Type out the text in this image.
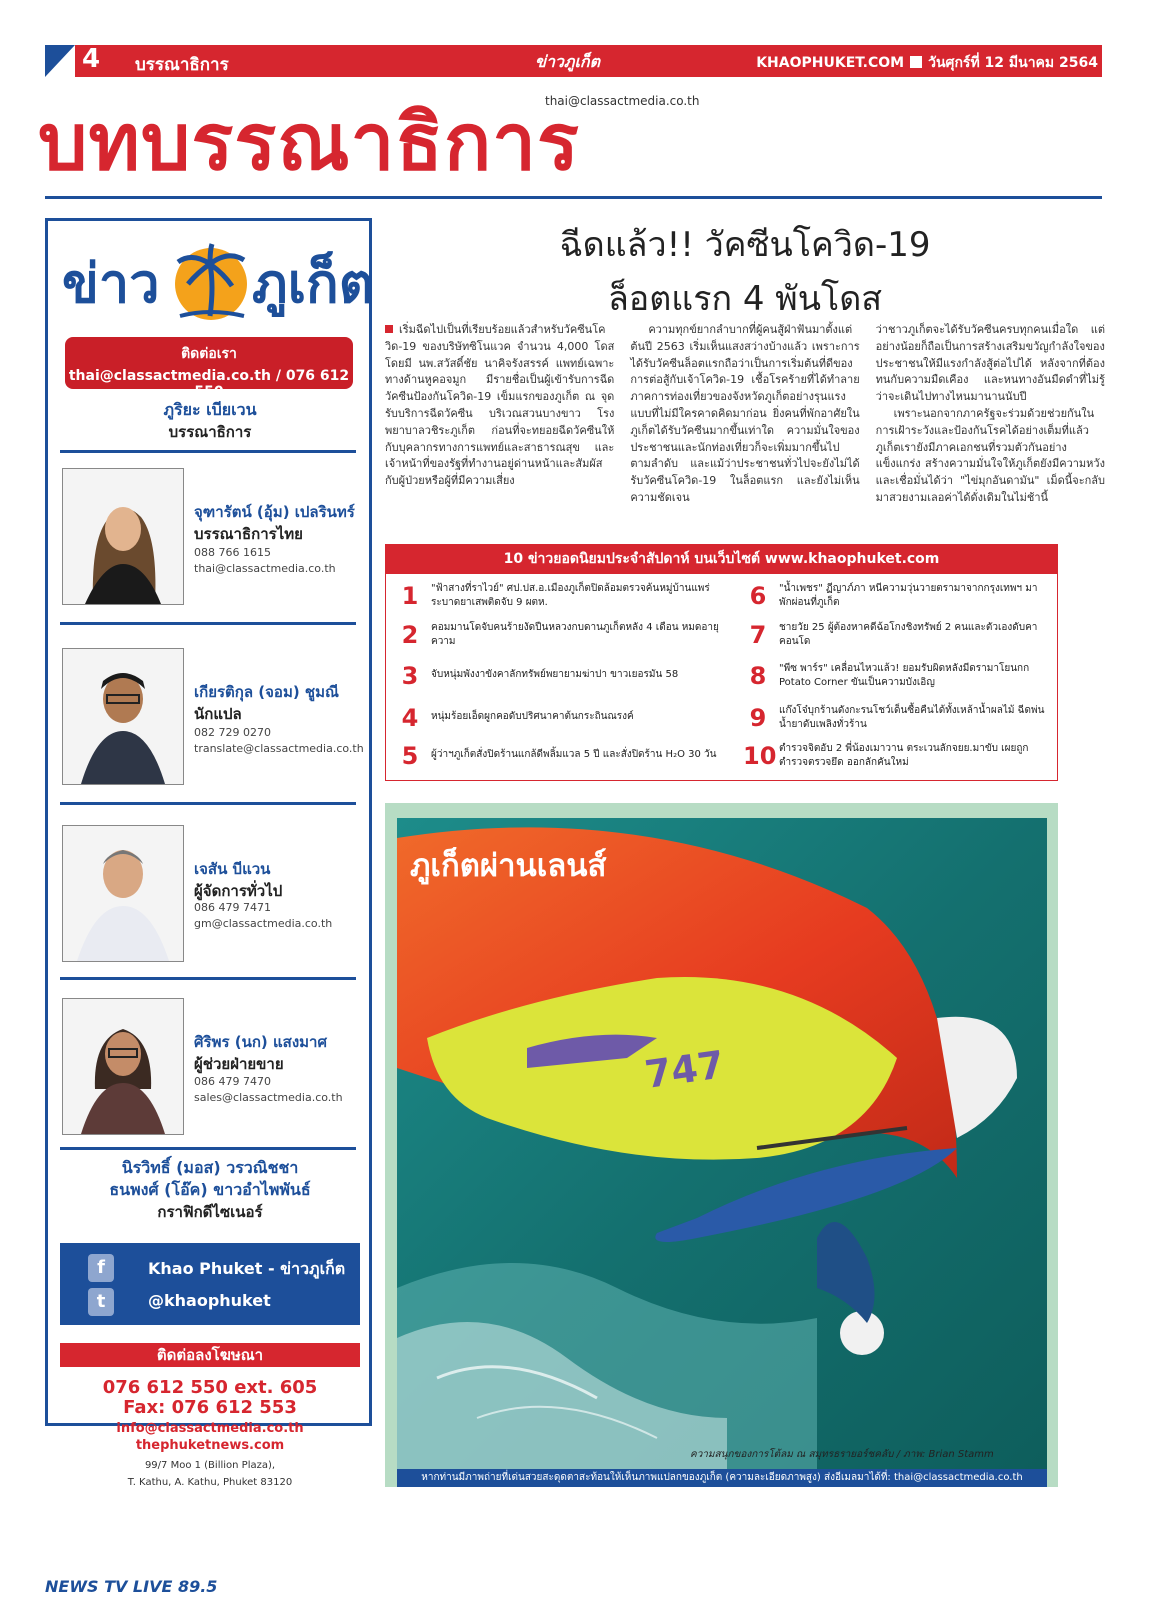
4 บรรณาธิการ	ข่าวภูเก็ต	KHAOPHUKET.COM วันศุกร์ที่ 12 มีนาคม 2564
thai@classactmedia.co.th
บทบรรณาธิการ
ข่าว ภูเก็ต
ติดต่อเรา
thai@classactmedia.co.th / 076 612 550
ภูริยะ เบียเวน
บรรณาธิการ
จุฑารัตน์ (อุ้ม) เปลรินทร์
บรรณาธิการไทย
088 766 1615
thai@classactmedia.co.th
เกียรติกุล (จอม) ชูมณี
นักแปล
082 729 0270
translate@classactmedia.co.th
เจสัน บีแวน
ผู้จัดการทั่วไป
086 479 7471
gm@classactmedia.co.th
ศิริพร (นก) แสงมาศ
ผู้ช่วยฝ่ายขาย
086 479 7470
sales@classactmedia.co.th
นิรวิทธิ์ (มอส) วรวณิชชา
ธนพงศ์ (โอ๊ค) ขาวอำไพพันธ์
กราฟิกดีไซเนอร์
f	Khao Phuket - ข่าวภูเก็ต
t	@khaophuket
ติดต่อลงโฆษณา
076 612 550 ext. 605
Fax: 076 612 553
info@classactmedia.co.th
thephuketnews.com
99/7 Moo 1 (Billion Plaza),
T. Kathu, A. Kathu, Phuket 83120
NEWS TV LIVE 89.5
ฉีดแล้ว!! วัคซีนโควิด-19
ล็อตแรก 4 พันโดส

เริ่มฉีดไปเป็นที่เรียบร้อยแล้วสำหรับวัคซีนโควิด-19 ของบริษัทซิโนแวค จำนวน 4,000 โดส โดยมี นพ.สวัสดิ์ชัย นาคิจรังสรรค์ แพทย์เฉพาะทางด้านหูคอจมูก มีรายชื่อเป็นผู้เข้ารับการฉีดวัคซีนป้องกันโควิด-19 เข็มแรกของภูเก็ต ณ จุดรับบริการฉีดวัคซีน บริเวณสวนบางขาว โรงพยาบาลวชิระภูเก็ต ก่อนที่จะทยอยฉีดวัคซีนให้กับบุคลากรทางการแพทย์และสาธารณสุข และเจ้าหน้าที่ของรัฐที่ทำงานอยู่ด่านหน้าและสัมผัสกับผู้ป่วยหรือผู้ที่มีความเสี่ยง

ความทุกข์ยากลำบากที่ผู้คนสู้ฝ่าฟันมาตั้งแต่ต้นปี 2563 เริ่มเห็นแสงสว่างบ้างแล้ว เพราะการได้รับวัคซีนล็อตแรกถือว่าเป็นการเริ่มต้นที่ดีของการต่อสู้กับเจ้าโควิด-19 เชื้อโรคร้ายที่ได้ทำลายภาคการท่องเที่ยวของจังหวัดภูเก็ตอย่างรุนแรง แบบที่ไม่มีใครคาดคิดมาก่อน ยิ่งคนที่พักอาศัยในภูเก็ตได้รับวัคซีนมากขึ้นเท่าใด ความมั่นใจของประชาชนและนักท่องเที่ยวก็จะเพิ่มมากขึ้นไปตามลำดับ และแม้ว่าประชาชนทั่วไปจะยังไม่ได้รับวัคซีนโควิด-19 ในล็อตแรก และยังไม่เห็นความชัดเจน

ว่าชาวภูเก็ตจะได้รับวัคซีนครบทุกคนเมื่อใด แต่อย่างน้อยก็ถือเป็นการสร้างเสริมขวัญกำลังใจของประชาชนให้มีแรงกำลังสู้ต่อไปได้ หลังจากที่ต้องทนกับความมืดเคือง และหนทางอันมืดดำที่ไม่รู้ว่าจะเดินไปทางไหนมานานนับปี

เพราะนอกจากภาครัฐจะร่วมด้วยช่วยกันในการเฝ้าระวังและป้องกันโรคได้อย่างเต็มที่แล้ว ภูเก็ตเรายังมีภาคเอกชนที่รวมตัวกันอย่างแข็งแกร่ง สร้างความมั่นใจให้ภูเก็ตยังมีความหวังและเชื่อมั่นได้ว่า "ไข่มุกอันดามัน" เม็ดนี้จะกลับมาสวยงามเลอค่าได้ดั่งเดิมในไม่ช้านี้

10 ข่าวยอดนิยมประจำสัปดาห์ บนเว็บไซต์ www.khaophuket.com
1	"ฟ้าสางที่ราไวย์" ศป.ปส.อ.เมืองภูเก็ตปิดล้อมตรวจค้นหมู่บ้านแพร่ระบาดยาเสพติดจับ 9 ผตห.
2	คอมมานโดจับคนร้ายงัดปืนหลวงกบดานภูเก็ตหลัง 4 เดือน หมดอายุความ
3	จับหนุ่มพังงาขังคาลักทรัพย์พยายามฆ่าปา ขาวเยอรมัน 58
4	หนุ่มร้อยเอ็ดผูกคอดับปริศนาคาต้นกระถินณรงค์
5	ผู้ว่าฯภูเก็ตสั่งปิดร้านแกล้ดีพลิ้มแวล 5 ปี และสั่งปิดร้าน H₂O 30 วัน
6	"น้ำเพชร" ฏีญาภ์ภา หนีความวุ่นวายตรามาจากกรุงเทพฯ มาพักผ่อนที่ภูเก็ต
7	ชายวัย 25 ผู้ต้องหาคดีฉ้อโกงชิงทรัพย์ 2 คนและตัวเองดับคาคอนโด
8	"พีซ พาร์ร" เคลื่อนไหวแล้ว! ยอมรับผิดหลังมีดรามาโยนกก Potato Corner ขันเป็นความบังเอิญ
9	แก๊งโจ๋บุกร้านดังกะรนโชว์เด็นซื้อคืนได้ทั้งเหล้าน้ำผลไม้ ฉีดพ่นน้ำยาดับเพลิงทั่วร้าน
10 ตำรวจจิตอับ 2 พี่น้องเมาวาน ตระเวนลักจยย.มาขับ เผยถูกตำรวจตรวจยึด ออกลักคันใหม่
747
ภูเก็ตผ่านเลนส์
ความสนุกของการโต้ลม ณ สมุทรธรายอร์ชคลับ / ภาพ: Brian Stamm
หากท่านมีภาพถ่ายที่เด่นสวยสะดุดตาสะท้อนให้เห็นภาพแปลกของภูเก็ต (ความละเอียดภาพสูง) ส่งอีเมลมาได้ที่: thai@classactmedia.co.th
